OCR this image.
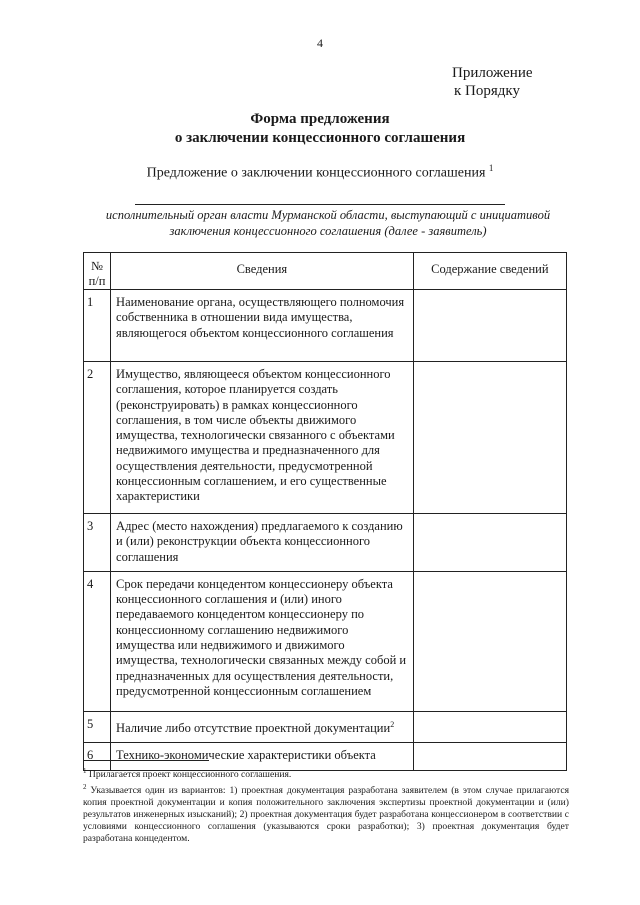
4
Приложение
к Порядку
Форма предложения
о заключении концессионного соглашения
Предложение о заключении концессионного соглашения $^1$
исполнительный орган власти Мурманской области, выступающий с инициативой
заключения концессионного соглашения (далее - заявитель)
№
п/п	Сведения	Содержание сведений
1	Наименование органа, осуществляющего полномочия собственника в отношении вида имущества, являющегося объектом концессионного соглашения	
2	Имущество, являющееся объектом концессионного соглашения, которое планируется создать (реконструировать) в рамках концессионного соглашения, в том числе объекты движимого имущества, технологически связанного с объектами недвижимого имущества и предназначенного для осуществления деятельности, предусмотренной концессионным соглашением, и его существенные характеристики	
3	Адрес (место нахождения) предлагаемого к созданию и (или) реконструкции объекта концессионного соглашения	
4	Срок передачи концедентом концессионеру объекта концессионного соглашения и (или) иного передаваемого концедентом концессионеру по концессионному соглашению недвижимого имущества или недвижимого и движимого имущества, технологически связанных между собой и предназначенных для осуществления деятельности, предусмотренной концессионным соглашением	
5	Наличие либо отсутствие проектной документации$^2$	
6	Технико-экономические характеристики объекта	

$^1$ Прилагается проект концессионного соглашения.

$^2$ Указывается один из вариантов: 1) проектная документация разработана заявителем (в этом случае прилагаются копия проектной документации и копия положительного заключения экспертизы проектной документации и (или) результатов инженерных изысканий); 2) проектная документация будет разработана концессионером в соответствии с условиями концессионного соглашения (указываются сроки разработки); 3) проектная документация будет разработана концедентом.
